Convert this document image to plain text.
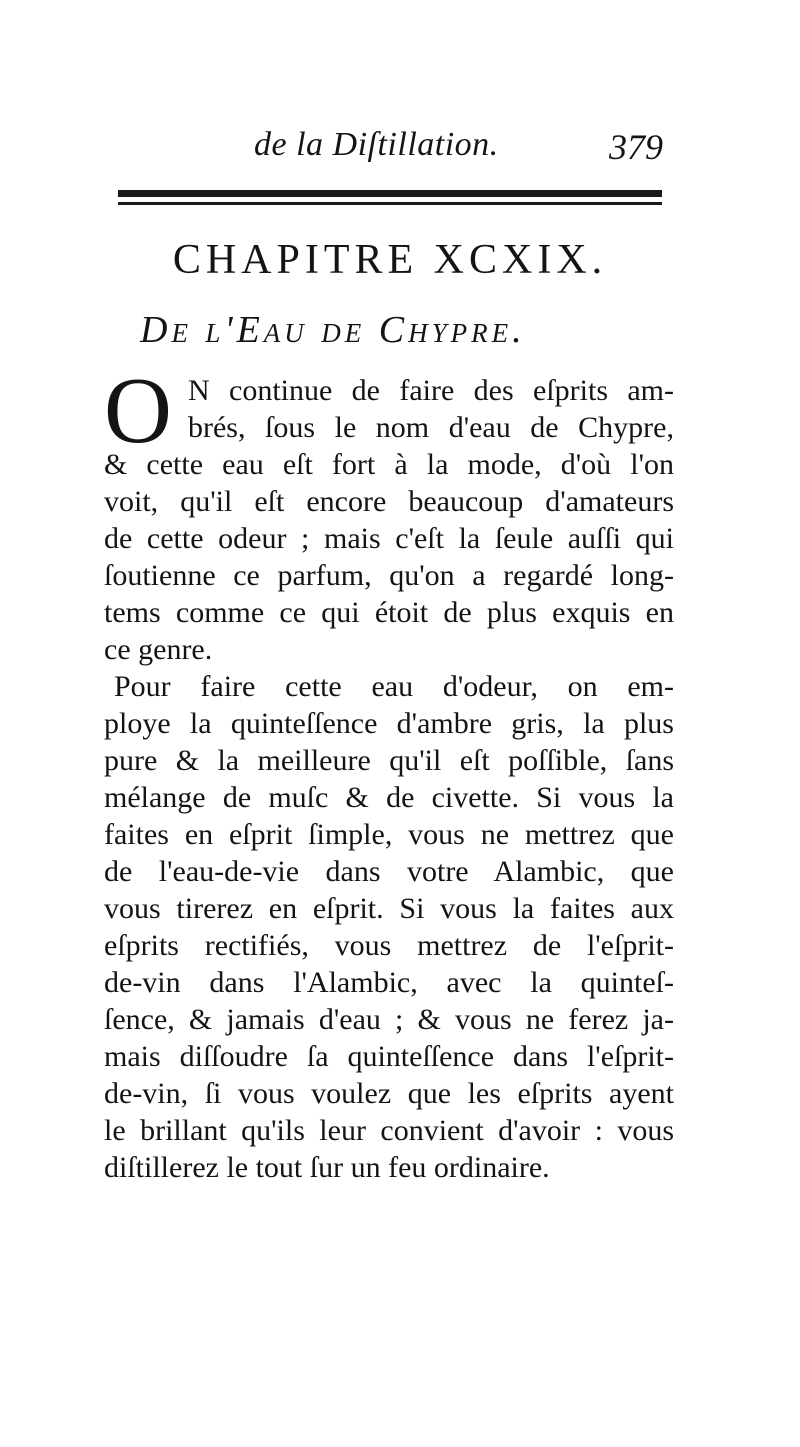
de la Diſtillation.	379
CHAPITRE XCXIX.
De l'Eau de Chypre.
O N continue de faire des eſprits am-
brés, ſous le nom d'eau de Chypre,
& cette eau eſt fort à la mode, d'où l'on
voit, qu'il eſt encore beaucoup d'amateurs
de cette odeur ; mais c'eſt la ſeule auſſi qui
ſoutienne ce parfum, qu'on a regardé long-
tems comme ce qui étoit de plus exquis en
ce genre.
Pour faire cette eau d'odeur, on em-
ploye la quinteſſence d'ambre gris, la plus
pure & la meilleure qu'il eſt poſſible, ſans
mélange de muſc & de civette. Si vous la
faites en eſprit ſimple, vous ne mettrez que
de l'eau-de-vie dans votre Alambic, que
vous tirerez en eſprit. Si vous la faites aux
eſprits rectifiés, vous mettrez de l'eſprit-
de-vin dans l'Alambic, avec la quinteſ-
ſence, & jamais d'eau ; & vous ne ferez ja-
mais diſſoudre ſa quinteſſence dans l'eſprit-
de-vin, ſi vous voulez que les eſprits ayent
le brillant qu'ils leur convient d'avoir : vous
diſtillerez le tout ſur un feu ordinaire.
